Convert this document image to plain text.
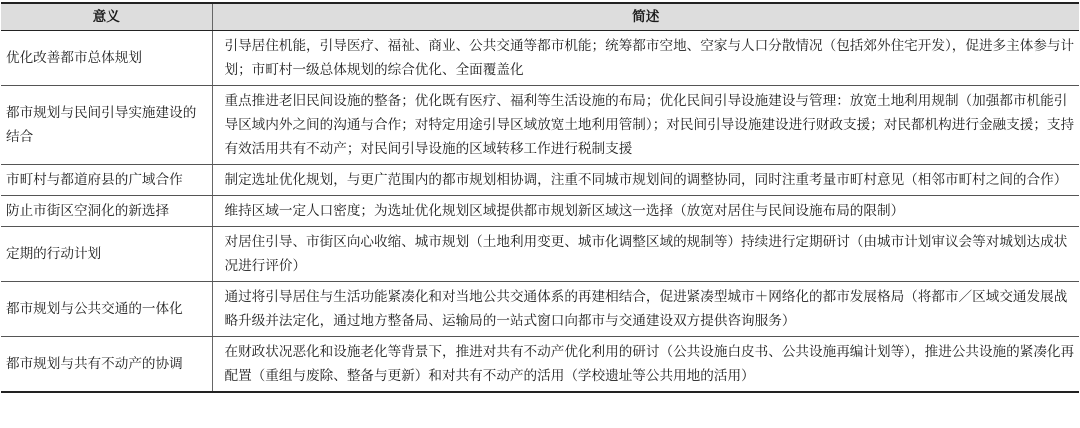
意义	简述
优化改善都市总体规划	引导居住机能，引导医疗、福祉、商业、公共交通等都市机能；统筹都市空地、空家与人口分散情况（包括郊外住宅开发），促进多主体参与计划；市町村一级总体规划的综合优化、全面覆盖化
都市规划与民间引导实施建设的结合	重点推进老旧民间设施的整备；优化既有医疗、福利等生活设施的布局；优化民间引导设施建设与管理：放宽土地利用规制（加强都市机能引导区域内外之间的沟通与合作；对特定用途引导区域放宽土地利用管制）；对民间引导设施建设进行财政支援；对民都机构进行金融支援；支持有效活用共有不动产；对民间引导设施的区域转移工作进行税制支援
市町村与都道府县的广域合作	制定选址优化规划，与更广范围内的都市规划相协调，注重不同城市规划间的调整协同，同时注重考量市町村意见（相邻市町村之间的合作）
防止市街区空洞化的新选择	维持区域一定人口密度；为选址优化规划区域提供都市规划新区域这一选择（放宽对居住与民间设施布局的限制）
定期的行动计划	对居住引导、市街区向心收缩、城市规划（土地利用变更、城市化调整区域的规制等）持续进行定期研讨（由城市计划审议会等对城划达成状况进行评价）
都市规划与公共交通的一体化	通过将引导居住与生活功能紧凑化和对当地公共交通体系的再建相结合，促进紧凑型城市＋网络化的都市发展格局（将都市／区域交通发展战略升级并法定化，通过地方整备局、运输局的一站式窗口向都市与交通建设双方提供咨询服务）
都市规划与共有不动产的协调	在财政状况恶化和设施老化等背景下，推进对共有不动产优化利用的研讨（公共设施白皮书、公共设施再编计划等），推进公共设施的紧凑化再配置（重组与废除、整备与更新）和对共有不动产的活用（学校遗址等公共用地的活用）
